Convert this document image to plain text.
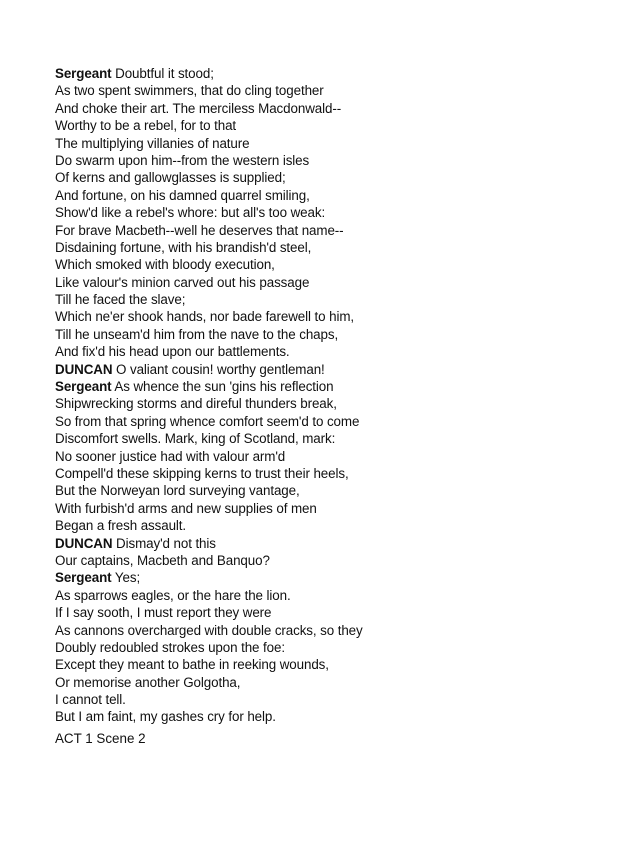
Sergeant Doubtful it stood;
As two spent swimmers, that do cling together
And choke their art. The merciless Macdonwald--
Worthy to be a rebel, for to that
The multiplying villanies of nature
Do swarm upon him--from the western isles
Of kerns and gallowglasses is supplied;
And fortune, on his damned quarrel smiling,
Show'd like a rebel's whore: but all's too weak:
For brave Macbeth--well he deserves that name--
Disdaining fortune, with his brandish'd steel,
Which smoked with bloody execution,
Like valour's minion carved out his passage
Till he faced the slave;
Which ne'er shook hands, nor bade farewell to him,
Till he unseam'd him from the nave to the chaps,
And fix'd his head upon our battlements.
DUNCAN O valiant cousin! worthy gentleman!
Sergeant As whence the sun 'gins his reflection
Shipwrecking storms and direful thunders break,
So from that spring whence comfort seem'd to come
Discomfort swells. Mark, king of Scotland, mark:
No sooner justice had with valour arm'd
Compell'd these skipping kerns to trust their heels,
But the Norweyan lord surveying vantage,
With furbish'd arms and new supplies of men
Began a fresh assault.
DUNCAN Dismay'd not this
Our captains, Macbeth and Banquo?
Sergeant Yes;
As sparrows eagles, or the hare the lion.
If I say sooth, I must report they were
As cannons overcharged with double cracks, so they
Doubly redoubled strokes upon the foe:
Except they meant to bathe in reeking wounds,
Or memorise another Golgotha,
I cannot tell.
But I am faint, my gashes cry for help.
ACT 1 Scene 2
